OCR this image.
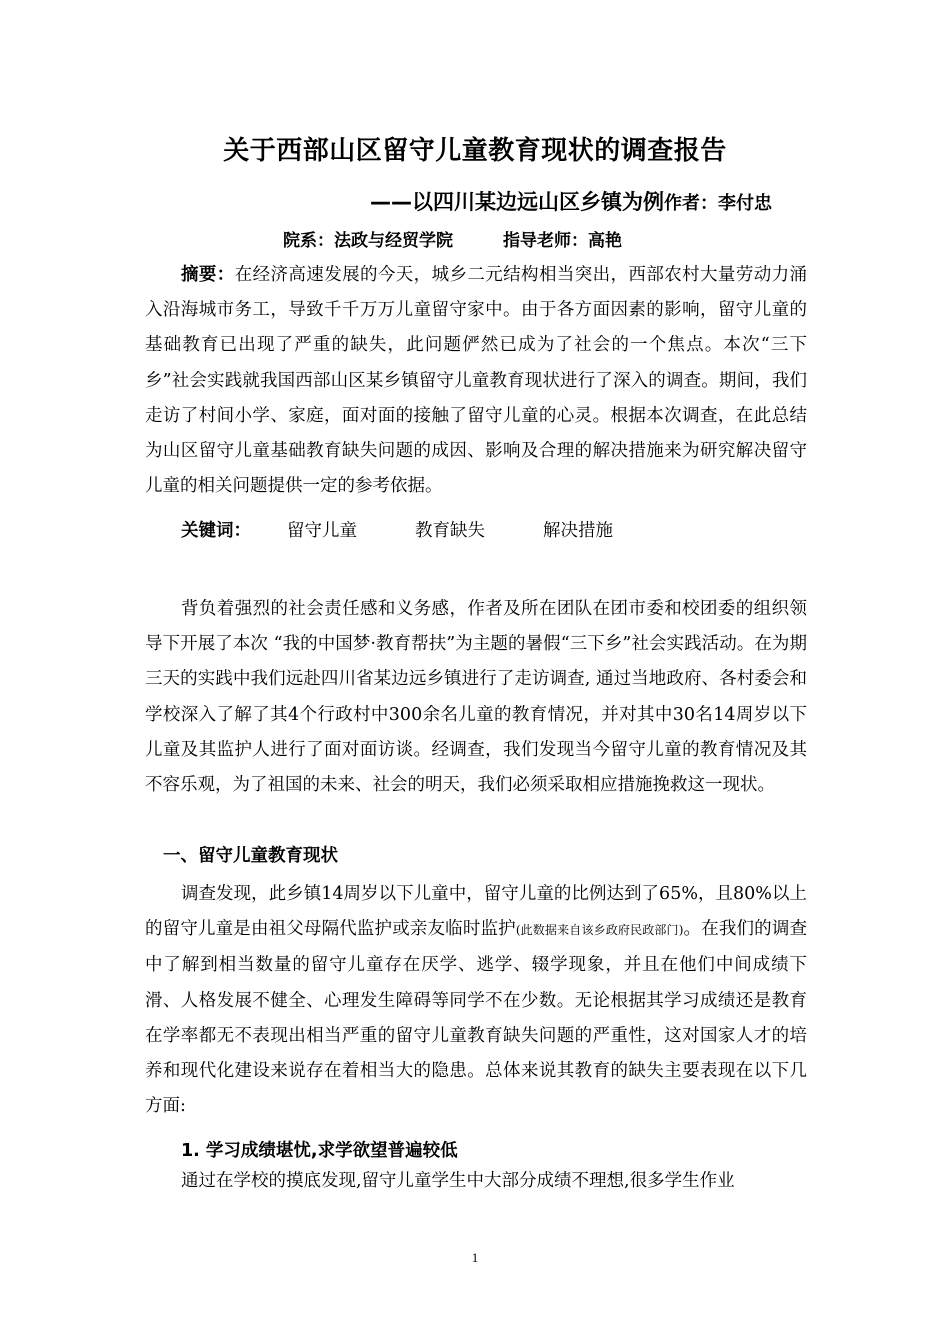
关于西部山区留守儿童教育现状的调查报告
——以四川某边远山区乡镇为例作者：李付忠
院系：法政与经贸学院	指导老师：高艳

摘要：在经济高速发展的今天，城乡二元结构相当突出，西部农村大量劳动力涌入沿海城市务工，导致千千万万儿童留守家中。由于各方面因素的影响，留守儿童的基础教育已出现了严重的缺失，此问题俨然已成为了社会的一个焦点。本次“三下乡”社会实践就我国西部山区某乡镇留守儿童教育现状进行了深入的调查。期间，我们走访了村间小学、家庭，面对面的接触了留守儿童的心灵。根据本次调查，在此总结为山区留守儿童基础教育缺失问题的成因、影响及合理的解决措施来为研究解决留守儿童的相关问题提供一定的参考依据。

关键词： 留守儿童	教育缺失	解决措施

背负着强烈的社会责任感和义务感，作者及所在团队在团市委和校团委的组织领导下开展了本次 “我的中国梦·教育帮扶”为主题的暑假“三下乡”社会实践活动。在为期三天的实践中我们远赴四川省某边远乡镇进行了走访调查, 通过当地政府、各村委会和学校深入了解了其4个行政村中300余名儿童的教育情况，并对其中30名14周岁以下儿童及其监护人进行了面对面访谈。经调查，我们发现当今留守儿童的教育情况及其不容乐观，为了祖国的未来、社会的明天，我们必须采取相应措施挽救这一现状。

一、留守儿童教育现状

调查发现，此乡镇14周岁以下儿童中，留守儿童的比例达到了65%，且80%以上的留守儿童是由祖父母隔代监护或亲友临时监护(此数据来自该乡政府民政部门)。在我们的调查中了解到相当数量的留守儿童存在厌学、逃学、辍学现象，并且在他们中间成绩下滑、人格发展不健全、心理发生障碍等同学不在少数。无论根据其学习成绩还是教育在学率都无不表现出相当严重的留守儿童教育缺失问题的严重性，这对国家人才的培养和现代化建设来说存在着相当大的隐患。总体来说其教育的缺失主要表现在以下几方面:

1. 学习成绩堪忧,求学欲望普遍较低

通过在学校的摸底发现,留守儿童学生中大部分成绩不理想,很多学生作业

1
